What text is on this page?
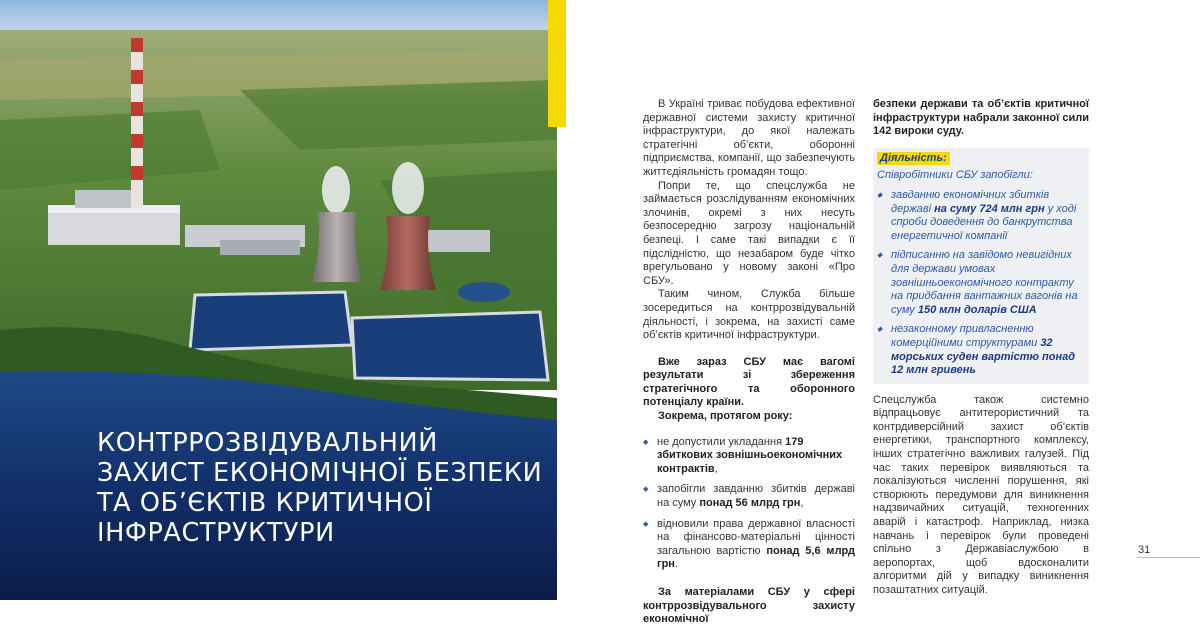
КОНТРРОЗВІДУВАЛЬНИЙ
ЗАХИСТ ЕКОНОМІЧНОЇ БЕЗПЕКИ
ТА ОБ’ЄКТІВ КРИТИЧНОЇ
ІНФРАСТРУКТУРИ

В Україні триває побудова ефективної державної системи захисту критичної інфраструктури, до якої належать стратегічні об’єкти, оборонні підприємства, компанії, що забезпечують життєдіяльність громадян тощо.

Попри те, що спецслужба не займається розслідуванням економічних злочинів, окремі з них несуть безпосередню загрозу національній безпеці. І саме такі випадки є її підслідністю, що незабаром буде чітко врегульовано у новому законі «Про СБУ».

Таким чином, Служба більше зосередиться на контррозвідувальній діяльності, і зокрема, на захисті саме об’єктів критичної інфраструктури.

Вже зараз СБУ має вагомі результати зі збереження стратегічного та оборонного потенціалу країни.

Зокрема, протягом року:

◆ не допустили укладання 179 збиткових зовнішньоекономічних контрактів,
◆ запобігли завданню збитків державі на суму понад 56 млрд грн,
◆ відновили права державної власності на фінансово-матеріальні цінності загальною вартістю понад 5,6 млрд грн.

За матеріалами СБУ у сфері контррозвідувального захисту економічної

безпеки держави та об’єктів критичної інфраструктури набрали законної сили 142 вироки суду.

Діяльність:

Співробітники СБУ запобігли:

◆ завданню економічних збитків державі на суму 724 млн грн у ході спроби доведення до банкрутства енергетичної компанії
◆ підписанню на завідомо невигідних для держави умовах зовнішньоекономічного контракту на придбання вантажних вагонів на суму 150 млн доларів США
◆ незаконному привласненню комерційними структурами 32 морських суден вартістю понад 12 млн гривень

Спецслужба також системно відпрацьовує антитерористичний та контрдиверсійний захист об’єктів енергетики, транспортного комплексу, інших стратегічно важливих галузей. Під час таких перевірок виявляються та локалізуються численні порушення, які створюють передумови для виникнення надзвичайних ситуацій, техногенних аварій і катастроф. Наприклад, низка навчань і перевірок були проведені спільно з Держaвіаслужбою в аеропортах, щоб вдосконалити алгоритми дій у випадку виникнення позаштатних ситуацій.

31
